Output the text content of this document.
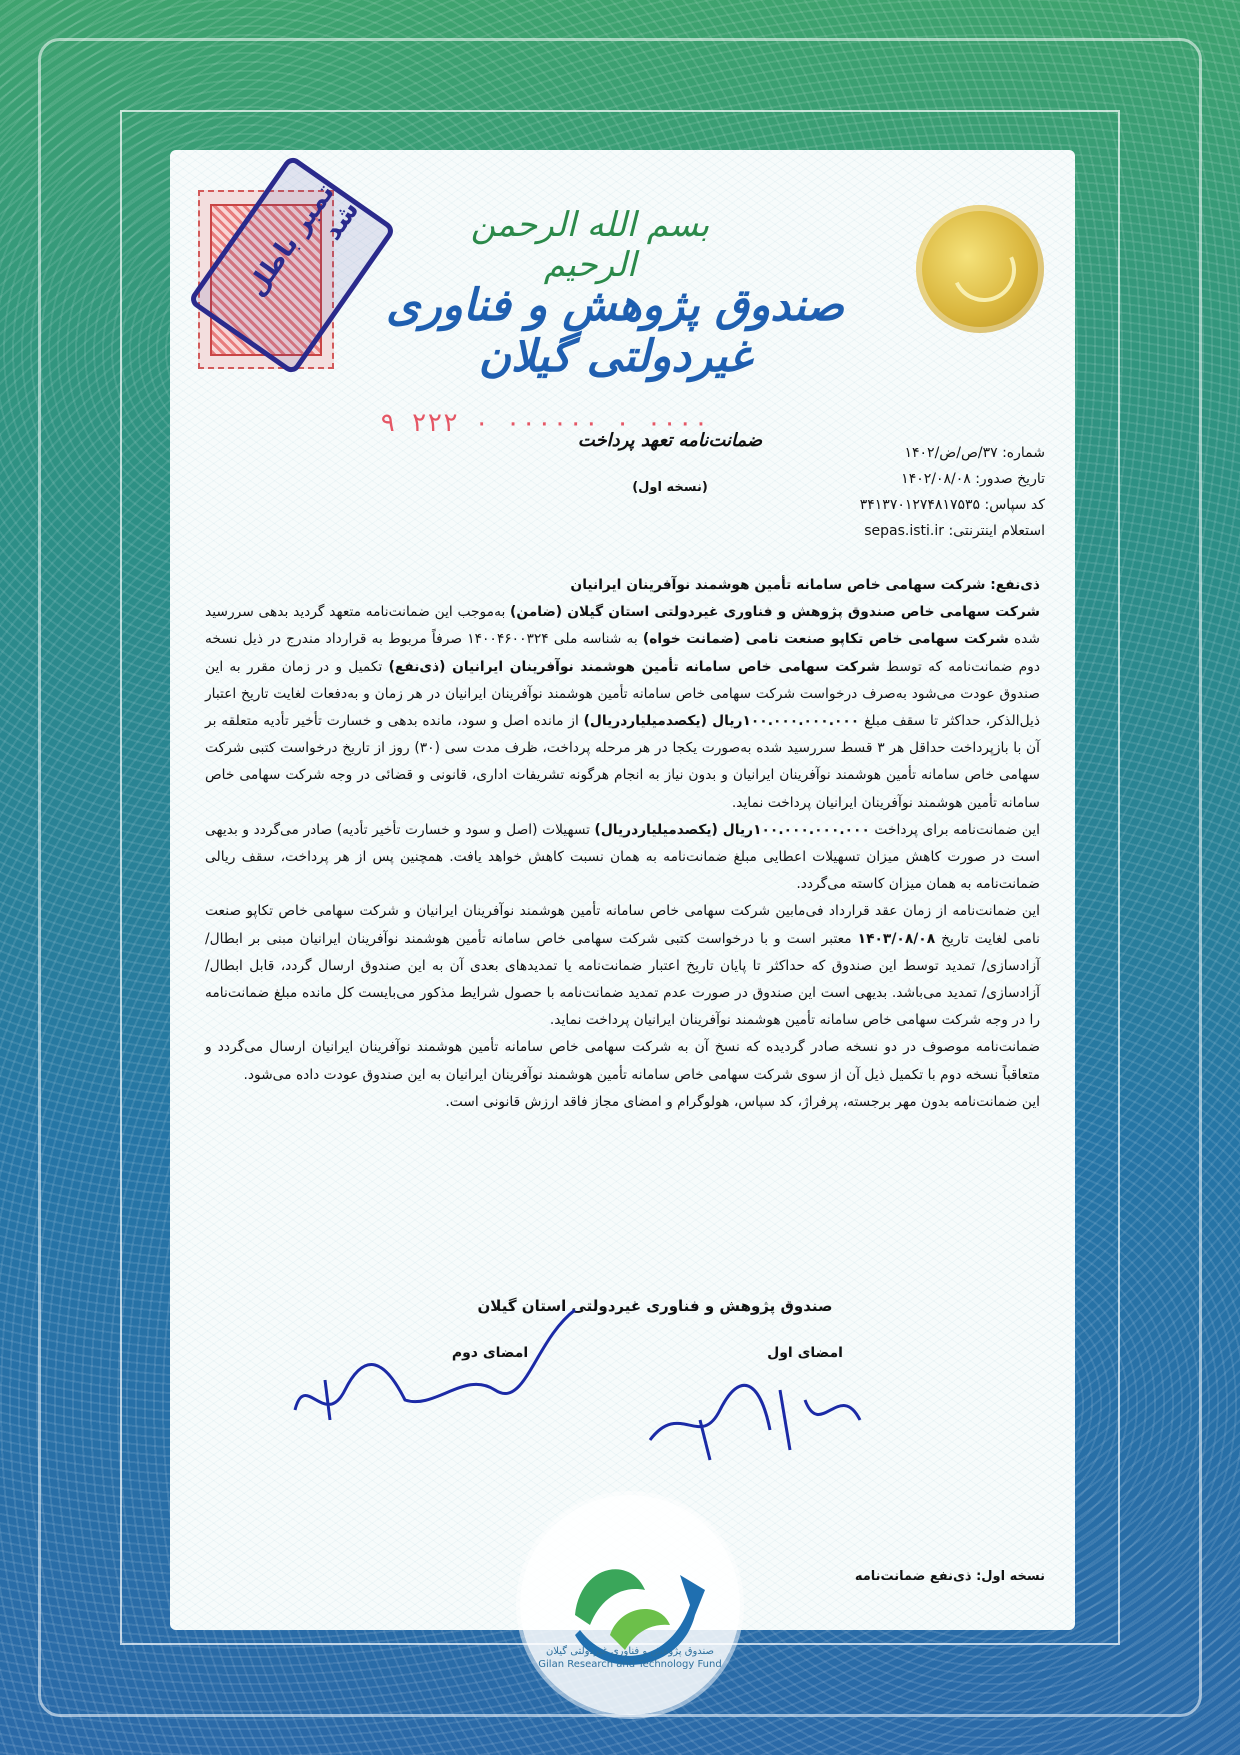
تمبر باطل شد	بسم الله الرحمن الرحیم
صندوق پژوهش و فناوری غیردولتی گیلان
۹ ۲۲۲ ۰ ۰۰۰۰۰۰ ۰ ۰۰۰۰
ضمانت‌نامه تعهد پرداخت
(نسخه اول)
شماره: ۳۷/ص/ض/۱۴۰۲
تاریخ صدور: ۱۴۰۲/۰۸/۰۸
کد سپاس: ۳۴۱۳۷۰۱۲۷۴۸۱۷۵۳۵
استعلام اینترنتی: sepas.isti.ir

ذی‌نفع: شرکت سهامی خاص سامانه تأمین هوشمند نوآفرینان ایرانیان

شرکت سهامی خاص صندوق پژوهش و فناوری غیردولتی استان گیلان (ضامن) به‌موجب این ضمانت‌نامه متعهد گردید بدهی سررسید شده شرکت سهامی خاص تکاپو صنعت نامی (ضمانت خواه) به شناسه ملی ۱۴۰۰۴۶۰۰۳۲۴ صرفاً مربوط به قرارداد مندرج در ذیل نسخه دوم ضمانت‌نامه که توسط شرکت سهامی خاص سامانه تأمین هوشمند نوآفرینان ایرانیان (ذی‌نفع) تکمیل و در زمان مقرر به این صندوق عودت می‌شود به‌صرف درخواست شرکت سهامی خاص سامانه تأمین هوشمند نوآفرینان ایرانیان در هر زمان و به‌دفعات لغایت تاریخ اعتبار ذیل‌الذکر، حداکثر تا سقف مبلغ ۱۰۰.۰۰۰.۰۰۰.۰۰۰ریال (یکصدمیلیاردریال) از مانده اصل و سود، مانده بدهی و خسارت تأخیر تأدیه متعلقه بر آن با بازپرداخت حداقل هر ۳ قسط سررسید شده به‌صورت یکجا در هر مرحله پرداخت، ظرف مدت سی (۳۰) روز از تاریخ درخواست کتبی شرکت سهامی خاص سامانه تأمین هوشمند نوآفرینان ایرانیان و بدون نیاز به انجام هرگونه تشریفات اداری، قانونی و قضائی در وجه شرکت سهامی خاص سامانه تأمین هوشمند نوآفرینان ایرانیان پرداخت نماید.

این ضمانت‌نامه برای پرداخت ۱۰۰.۰۰۰.۰۰۰.۰۰۰ریال (یکصدمیلیاردریال) تسهیلات (اصل و سود و خسارت تأخیر تأدیه) صادر می‌گردد و بدیهی است در صورت کاهش میزان تسهیلات اعطایی مبلغ ضمانت‌نامه به همان نسبت کاهش خواهد یافت. همچنین پس از هر پرداخت، سقف ریالی ضمانت‌نامه به همان میزان کاسته می‌گردد.

این ضمانت‌نامه از زمان عقد قرارداد فی‌مابین شرکت سهامی خاص سامانه تأمین هوشمند نوآفرینان ایرانیان و شرکت سهامی خاص تکاپو صنعت نامی لغایت تاریخ ۱۴۰۳/۰۸/۰۸ معتبر است و با درخواست کتبی شرکت سهامی خاص سامانه تأمین هوشمند نوآفرینان ایرانیان مبنی بر ابطال/ آزادسازی/ تمدید توسط این صندوق که حداکثر تا پایان تاریخ اعتبار ضمانت‌نامه یا تمدیدهای بعدی آن به این صندوق ارسال گردد، قابل ابطال/ آزادسازی/ تمدید می‌باشد. بدیهی است این صندوق در صورت عدم تمدید ضمانت‌نامه با حصول شرایط مذکور می‌بایست کل مانده مبلغ ضمانت‌نامه را در وجه شرکت سهامی خاص سامانه تأمین هوشمند نوآفرینان ایرانیان پرداخت نماید.

ضمانت‌نامه موصوف در دو نسخه صادر گردیده که نسخ آن به شرکت سهامی خاص سامانه تأمین هوشمند نوآفرینان ایرانیان ارسال می‌گردد و متعاقباً نسخه دوم با تکمیل ذیل آن از سوی شرکت سهامی خاص سامانه تأمین هوشمند نوآفرینان ایرانیان به این صندوق عودت داده می‌شود.

این ضمانت‌نامه بدون مهر برجسته، پرفراژ، کد سپاس، هولوگرام و امضای مجاز فاقد ارزش قانونی است.

صندوق پژوهش و فناوری غیردولتی استان گیلان
امضای اول
امضای دوم
صندوق پژوهش و فناوری غیردولتی گیلان
Gilan Research and Technology Fund
نسخه اول: ذی‌نفع ضمانت‌نامه
